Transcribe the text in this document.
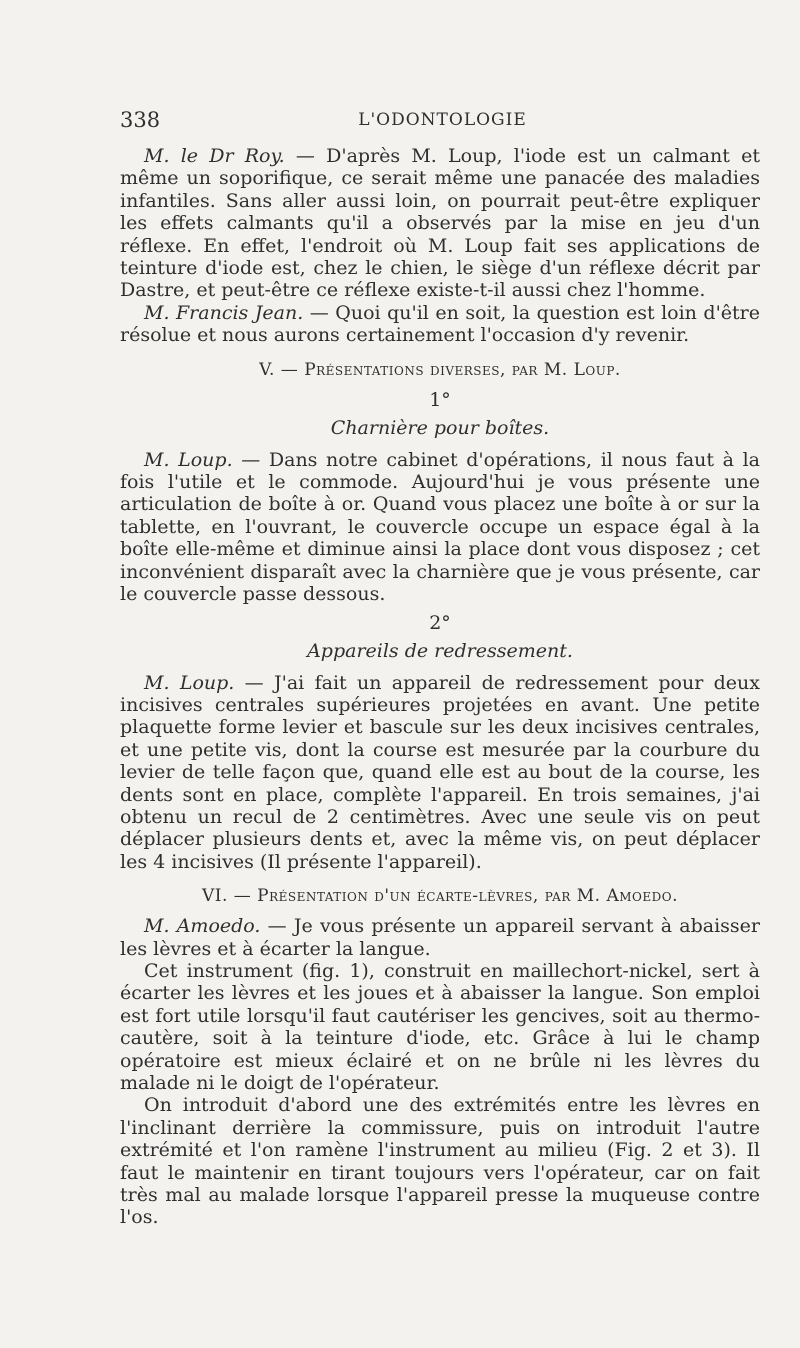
338	L'ODONTOLOGIE

M. le Dr Roy. — D'après M. Loup, l'iode est un calmant et même un soporifique, ce serait même une panacée des maladies infantiles. Sans aller aussi loin, on pourrait peut-être expliquer les effets calmants qu'il a observés par la mise en jeu d'un réflexe. En effet, l'endroit où M. Loup fait ses applications de teinture d'iode est, chez le chien, le siège d'un réflexe décrit par Dastre, et peut-être ce réflexe existe-t-il aussi chez l'homme.

M. Francis Jean. — Quoi qu'il en soit, la question est loin d'être résolue et nous aurons certainement l'occasion d'y revenir.

V. — Présentations diverses, par M. Loup.
1°
Charnière pour boîtes.

M. Loup. — Dans notre cabinet d'opérations, il nous faut à la fois l'utile et le commode. Aujourd'hui je vous présente une articulation de boîte à or. Quand vous placez une boîte à or sur la tablette, en l'ouvrant, le couvercle occupe un espace égal à la boîte elle-même et diminue ainsi la place dont vous disposez ; cet inconvénient disparaît avec la charnière que je vous présente, car le couvercle passe dessous.

2°
Appareils de redressement.

M. Loup. — J'ai fait un appareil de redressement pour deux incisives centrales supérieures projetées en avant. Une petite plaquette forme levier et bascule sur les deux incisives centrales, et une petite vis, dont la course est mesurée par la courbure du levier de telle façon que, quand elle est au bout de la course, les dents sont en place, complète l'appareil. En trois semaines, j'ai obtenu un recul de 2 centimètres. Avec une seule vis on peut déplacer plusieurs dents et, avec la même vis, on peut déplacer les 4 incisives (Il présente l'appareil).

VI. — Présentation d'un écarte-lèvres, par M. Amoedo.

M. Amoedo. — Je vous présente un appareil servant à abaisser les lèvres et à écarter la langue.

Cet instrument (fig. 1), construit en maillechort-nickel, sert à écarter les lèvres et les joues et à abaisser la langue. Son emploi est fort utile lorsqu'il faut cautériser les gencives, soit au thermo-cautère, soit à la teinture d'iode, etc. Grâce à lui le champ opératoire est mieux éclairé et on ne brûle ni les lèvres du malade ni le doigt de l'opérateur.

On introduit d'abord une des extrémités entre les lèvres en l'inclinant derrière la commissure, puis on introduit l'autre extrémité et l'on ramène l'instrument au milieu (Fig. 2 et 3). Il faut le maintenir en tirant toujours vers l'opérateur, car on fait très mal au malade lorsque l'appareil presse la muqueuse contre l'os.
